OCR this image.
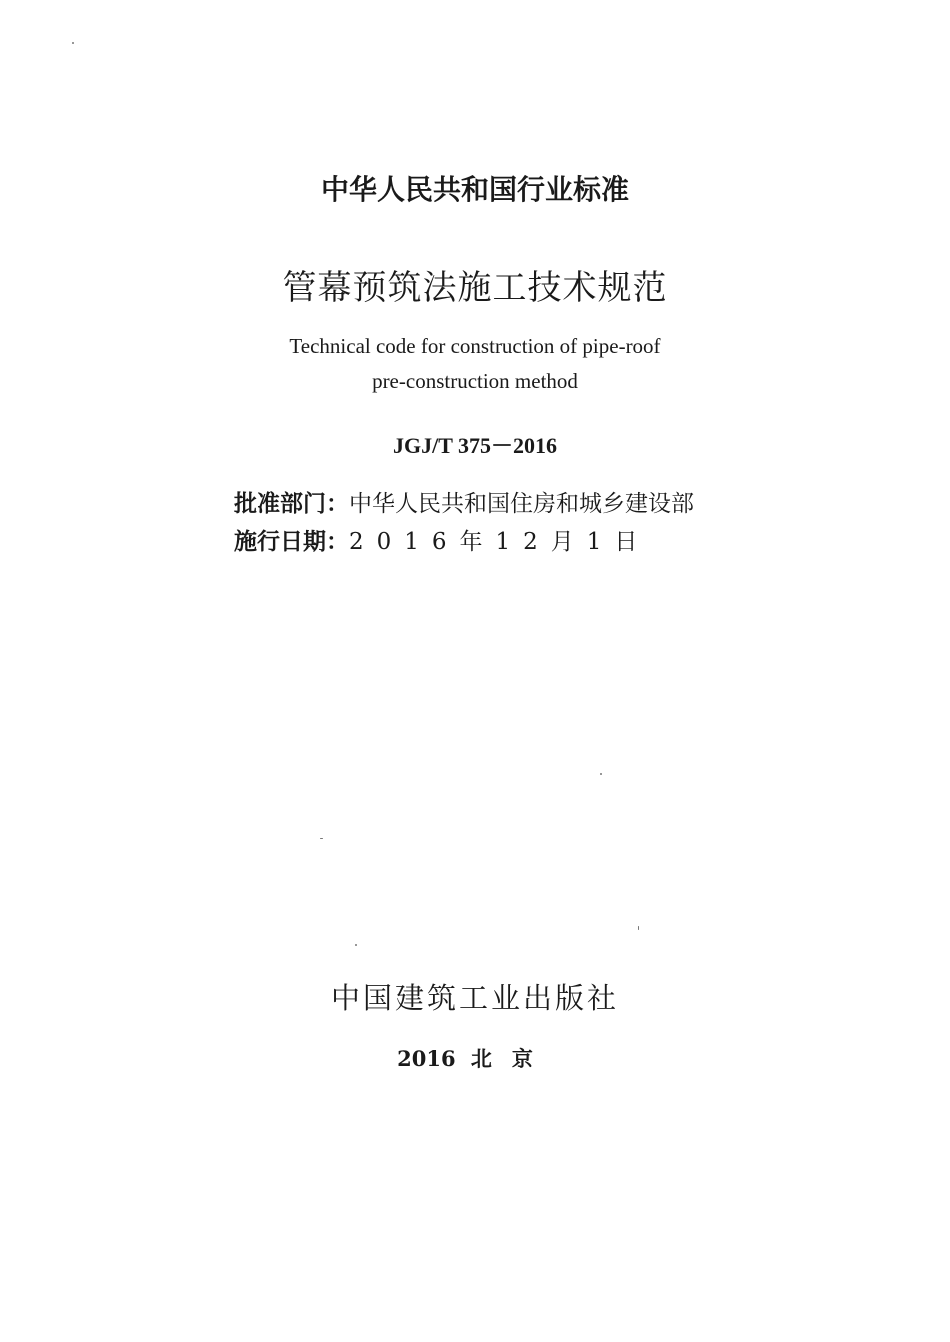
中华人民共和国行业标准
管幕预筑法施工技术规范
Technical code for construction of pipe-roof
pre-construction method
JGJ/T 375－2016
批准部门：中华人民共和国住房和城乡建设部
施行日期：2016年12月1日
中国建筑工业出版社
2016 北京
